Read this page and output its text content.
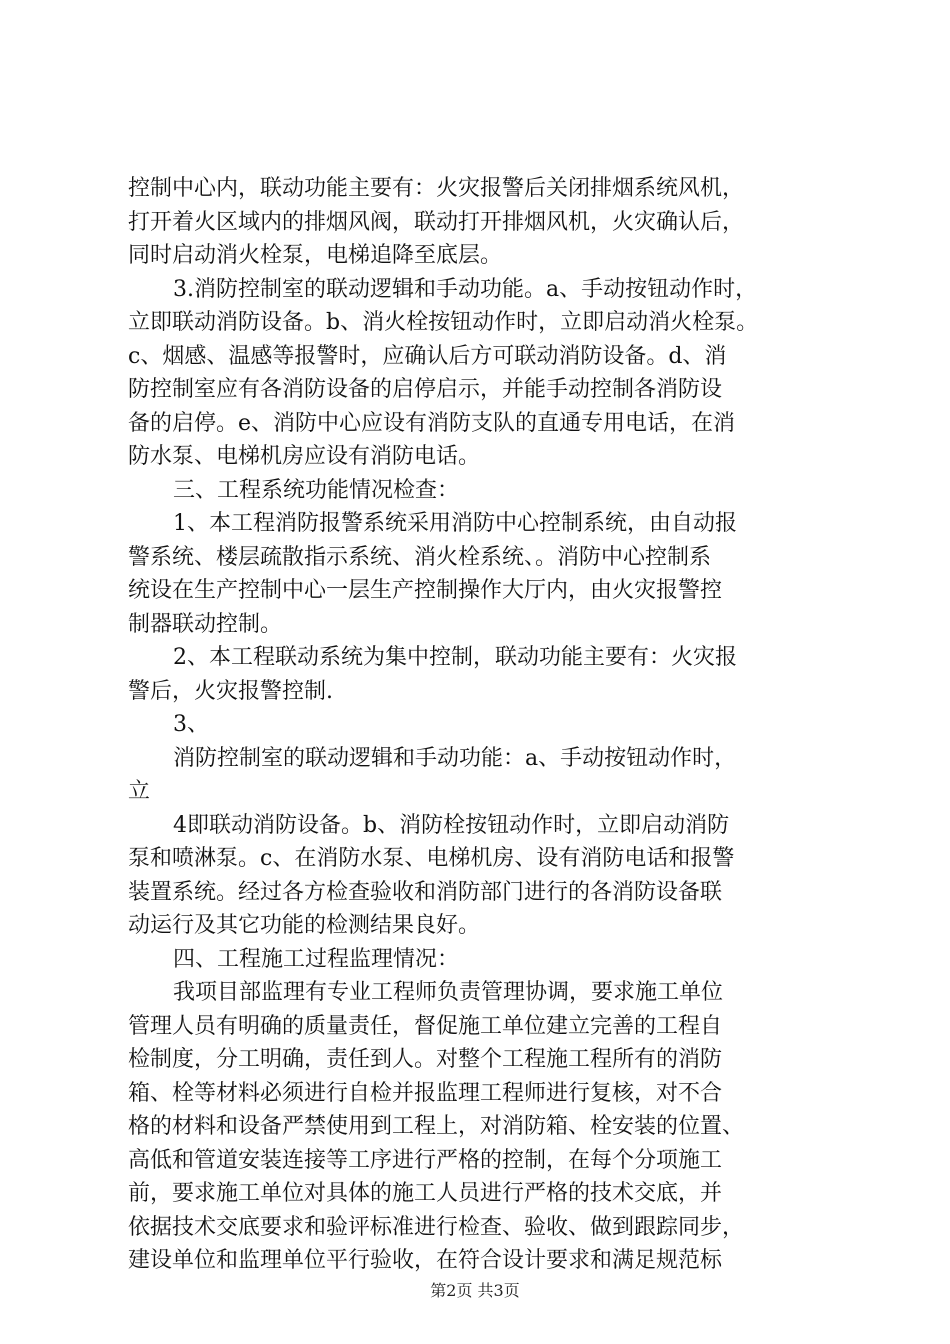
控制中心内，联动功能主要有：火灾报警后关闭排烟系统风机，
打开着火区域内的排烟风阀，联动打开排烟风机，火灾确认后，
同时启动消火栓泵，电梯追降至底层。
3.消防控制室的联动逻辑和手动功能。a、手动按钮动作时，
立即联动消防设备。b、消火栓按钮动作时，立即启动消火栓泵。
c、烟感、温感等报警时，应确认后方可联动消防设备。d、消
防控制室应有各消防设备的启停启示，并能手动控制各消防设
备的启停。e、消防中心应设有消防支队的直通专用电话，在消
防水泵、电梯机房应设有消防电话。
三、工程系统功能情况检查：
1、本工程消防报警系统采用消防中心控制系统，由自动报
警系统、楼层疏散指示系统、消火栓系统、。消防中心控制系
统设在生产控制中心一层生产控制操作大厅内，由火灾报警控
制器联动控制。
2、本工程联动系统为集中控制，联动功能主要有：火灾报
警后，火灾报警控制.
3、
消防控制室的联动逻辑和手动功能：a、手动按钮动作时，
立
4即联动消防设备。b、消防栓按钮动作时，立即启动消防
泵和喷淋泵。c、在消防水泵、电梯机房、设有消防电话和报警
装置系统。经过各方检查验收和消防部门进行的各消防设备联
动运行及其它功能的检测结果良好。
四、工程施工过程监理情况：
我项目部监理有专业工程师负责管理协调，要求施工单位
管理人员有明确的质量责任，督促施工单位建立完善的工程自
检制度，分工明确，责任到人。对整个工程施工程所有的消防
箱、栓等材料必须进行自检并报监理工程师进行复核，对不合
格的材料和设备严禁使用到工程上，对消防箱、栓安装的位置、
高低和管道安装连接等工序进行严格的控制，在每个分项施工
前，要求施工单位对具体的施工人员进行严格的技术交底，并
依据技术交底要求和验评标准进行检查、验收、做到跟踪同步，
建设单位和监理单位平行验收，在符合设计要求和满足规范标
第2页 共3页
